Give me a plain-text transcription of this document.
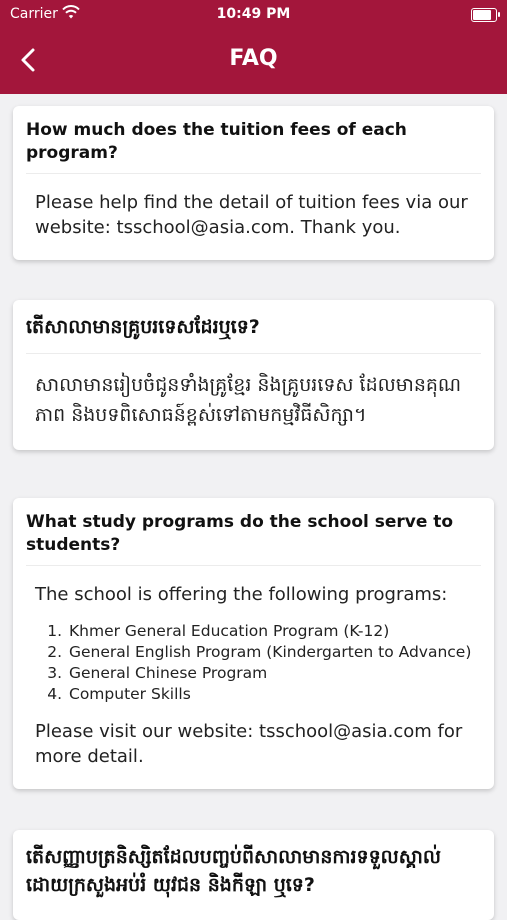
Carrier	10:49 PM
FAQ
How much does the tuition fees of each program?

Please help find the detail of tuition fees via our website: tsschool@asia.com. Thank you.

តើសាលាមានគ្រូបរទេសដែរឬទេ?

សាលាមានរៀបចំជូនទាំងគ្រូខ្មែរ និងគ្រូបរទេស ដែលមានគុណភាព និងបទពិសោធន៍ខ្ពស់ទៅតាមកម្មវិធីសិក្សា។

What study programs do the school serve to students?

The school is offering the following programs:

1. Khmer General Education Program (K-12)
2. General English Program (Kindergarten to Advance)
3. General Chinese Program
4. Computer Skills

Please visit our website: tsschool@asia.com for more detail.

តើសញ្ញាបត្រនិស្សិតដែលបញ្ចប់ពីសាលាមានការទទួលស្គាល់ដោយក្រសួងអប់រំ យុវជន និងកីឡា ឬទេ?
